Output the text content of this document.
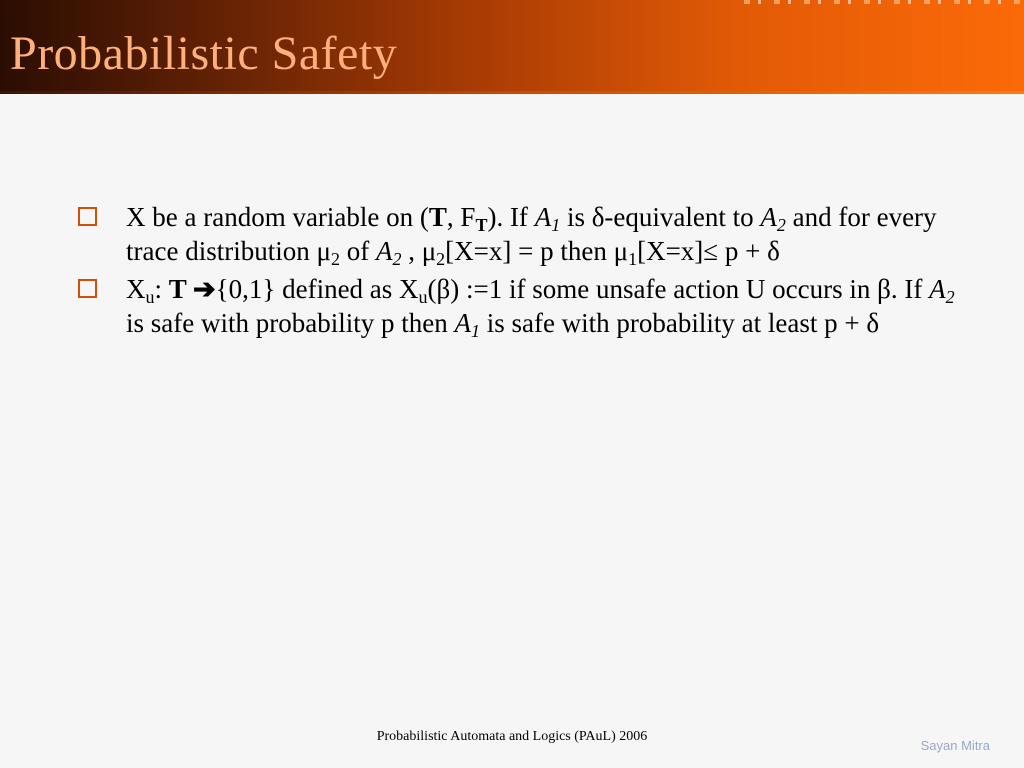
Probabilistic Safety
X be a random variable on (T, $F_T$). If $A_1$ is δ-equivalent to $A_2$ and for every trace distribution $\mu_2$ of $A_2$ , $\mu_2[X=x] = p$ then $\mu_1[X=x]\le p + \delta$
$X_u$: T ➔{0,1} defined as $X_u(\beta)$ :=1 if some unsafe action U occurs in β. If $A_2$ is safe with probability p then $A_1$ is safe with probability at least p + δ
Probabilistic Automata and Logics (PAuL) 2006
Sayan Mitra
